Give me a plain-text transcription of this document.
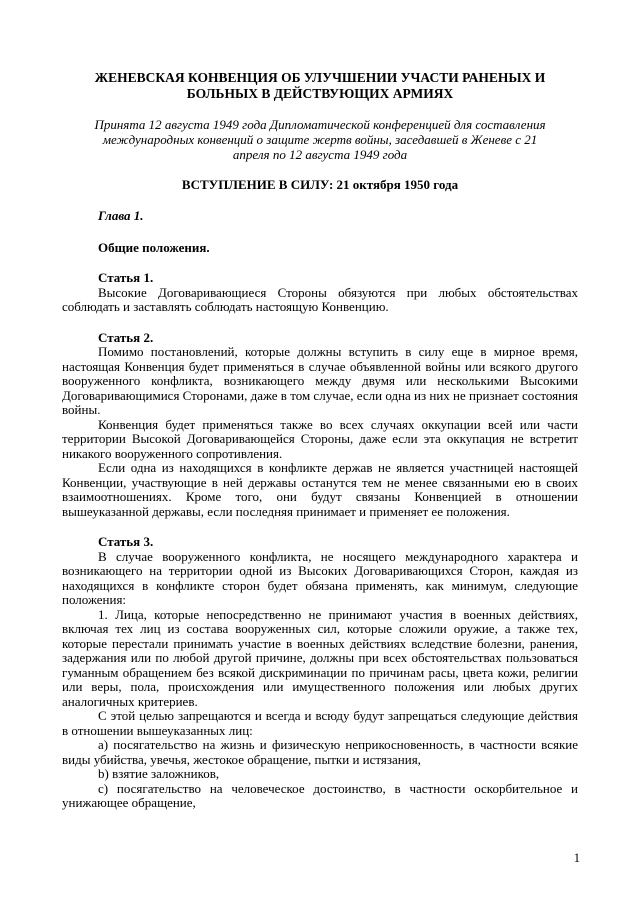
ЖЕНЕВСКАЯ КОНВЕНЦИЯ ОБ УЛУЧШЕНИИ УЧАСТИ РАНЕНЫХ И БОЛЬНЫХ В ДЕЙСТВУЮЩИХ АРМИЯХ

Принята 12 августа 1949 года Дипломатической конференцией для составления международных конвенций о защите жертв войны, заседавшей в Женеве с 21 апреля по 12 августа 1949 года

ВСТУПЛЕНИЕ В СИЛУ: 21 октября 1950 года

Глава 1.

Общие положения.

Статья 1.

Высокие Договаривающиеся Стороны обязуются при любых обстоятельствах соблюдать и заставлять соблюдать настоящую Конвенцию.

Статья 2.

Помимо постановлений, которые должны вступить в силу еще в мирное время, настоящая Конвенция будет применяться в случае объявленной войны или всякого другого вооруженного конфликта, возникающего между двумя или несколькими Высокими Договаривающимися Сторонами, даже в том случае, если одна из них не признает состояния войны.

Конвенция будет применяться также во всех случаях оккупации всей или части территории Высокой Договаривающейся Стороны, даже если эта оккупация не встретит никакого вооруженного сопротивления.

Если одна из находящихся в конфликте держав не является участницей настоящей Конвенции, участвующие в ней державы останутся тем не менее связанными ею в своих взаимоотношениях. Кроме того, они будут связаны Конвенцией в отношении вышеуказанной державы, если последняя принимает и применяет ее положения.

Статья 3.

В случае вооруженного конфликта, не носящего международного характера и возникающего на территории одной из Высоких Договаривающихся Сторон, каждая из находящихся в конфликте сторон будет обязана применять, как минимум, следующие положения:

1. Лица, которые непосредственно не принимают участия в военных действиях, включая тех лиц из состава вооруженных сил, которые сложили оружие, а также тех, которые перестали принимать участие в военных действиях вследствие болезни, ранения, задержания или по любой другой причине, должны при всех обстоятельствах пользоваться гуманным обращением без всякой дискриминации по причинам расы, цвета кожи, религии или веры, пола, происхождения или имущественного положения или любых других аналогичных критериев.

С этой целью запрещаются и всегда и всюду будут запрещаться следующие действия в отношении вышеуказанных лиц:

а) посягательство на жизнь и физическую неприкосновенность, в частности всякие виды убийства, увечья, жестокое обращение, пытки и истязания,

b) взятие заложников,

с) посягательство на человеческое достоинство, в частности оскорбительное и унижающее обращение,

1
